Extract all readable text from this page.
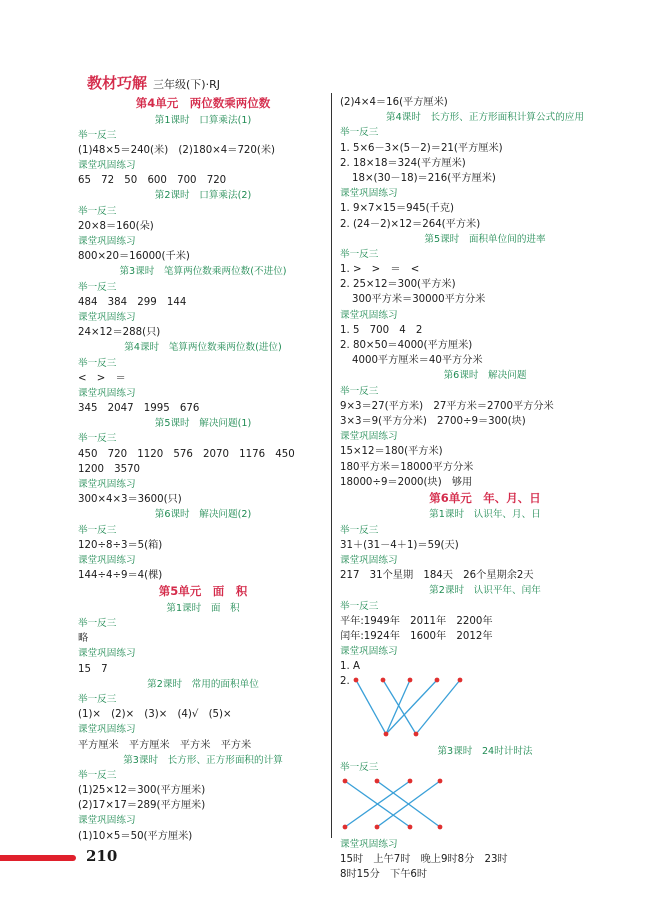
教材巧解 三年级(下)·RJ
第4单元　两位数乘两位数
第1课时　口算乘法(1)
举一反三
(1)48×5＝240(米)　(2)180×4＝720(米)
课堂巩固练习
65　72　50　600　700　720
第2课时　口算乘法(2)
举一反三
20×8＝160(朵)
课堂巩固练习
800×20＝16000(千米)
第3课时　笔算两位数乘两位数(不进位)
举一反三
484　384　299　144
课堂巩固练习
24×12＝288(只)
第4课时　笔算两位数乘两位数(进位)
举一反三
<　>　＝
课堂巩固练习
345　2047　1995　676
第5课时　解决问题(1)
举一反三
450　720　1120　576　2070　1176　450
1200　3570
课堂巩固练习
300×4×3＝3600(只)
第6课时　解决问题(2)
举一反三
120÷8÷3＝5(箱)
课堂巩固练习
144÷4÷9＝4(棵)
第5单元　面　积
第1课时　面　积
举一反三
略
课堂巩固练习
15　7
第2课时　常用的面积单位
举一反三
(1)×　(2)×　(3)×　(4)√　(5)×
课堂巩固练习
平方厘米　平方厘米　平方米　平方米
第3课时　长方形、正方形面积的计算
举一反三
(1)25×12＝300(平方厘米)
(2)17×17＝289(平方厘米)
课堂巩固练习
(1)10×5＝50(平方厘米)
(2)4×4＝16(平方厘米)
第4课时　长方形、正方形面积计算公式的应用
举一反三
1. 5×6－3×(5－2)＝21(平方厘米)
2. 18×18＝324(平方厘米)
18×(30－18)＝216(平方厘米)
课堂巩固练习
1. 9×7×15＝945(千克)
2. (24－2)×12＝264(平方米)
第5课时　面积单位间的进率
举一反三
1. >　>　＝　<
2. 25×12＝300(平方米)
300平方米＝30000平方分米
课堂巩固练习
1. 5　700　4　2
2. 80×50＝4000(平方厘米)
4000平方厘米＝40平方分米
第6课时　解决问题
举一反三
9×3＝27(平方米)　27平方米＝2700平方分米
3×3＝9(平方分米)　2700÷9＝300(块)
课堂巩固练习
15×12＝180(平方米)
180平方米＝18000平方分米
18000÷9＝2000(块)　够用
第6单元　年、月、日
第1课时　认识年、月、日
举一反三
31＋(31－4＋1)＝59(天)
课堂巩固练习
217　31个星期　184天　26个星期余2天
第2课时　认识平年、闰年
举一反三
平年:1949年　2011年　2200年
闰年:1924年　1600年　2012年
课堂巩固练习
1. A
2.
第3课时　24时计时法
举一反三
课堂巩固练习
15时　上午7时　晚上9时8分　23时
8时15分　下午6时
210
